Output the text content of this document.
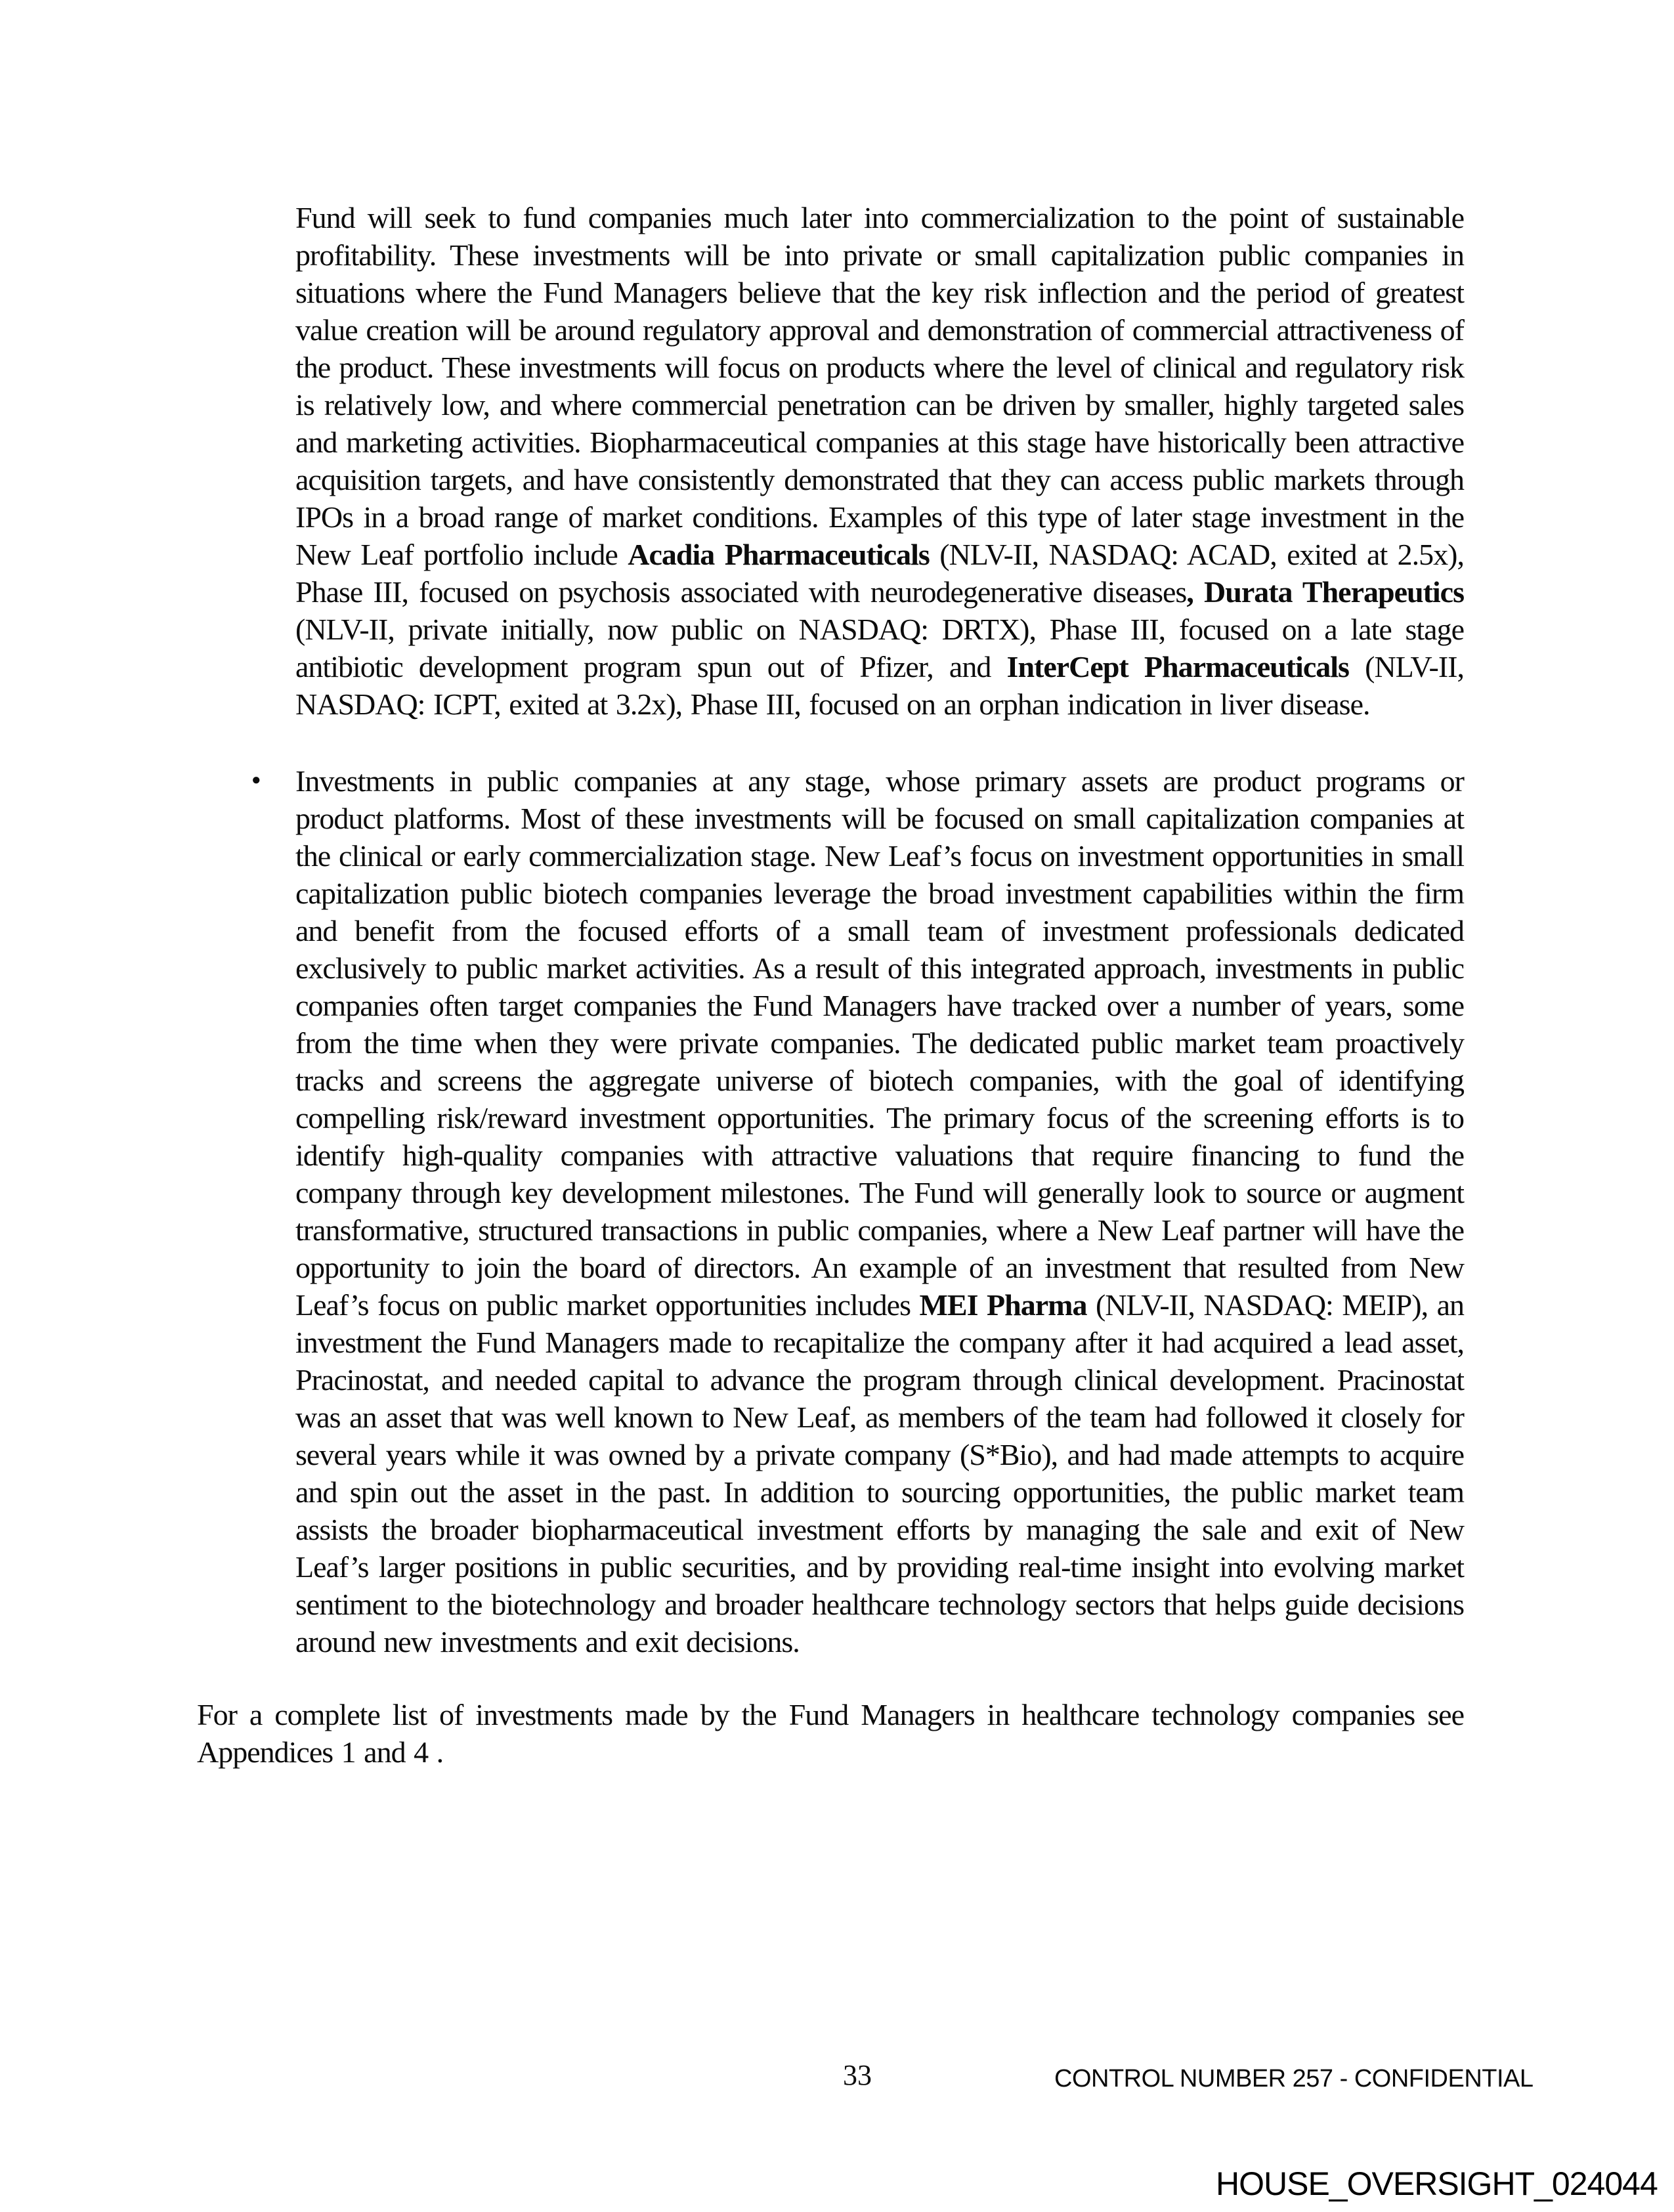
Fund will seek to fund companies much later into commercialization to the point of sustainable profitability. These investments will be into private or small capitalization public companies in situations where the Fund Managers believe that the key risk inflection and the period of greatest value creation will be around regulatory approval and demonstration of commercial attractiveness of the product. These investments will focus on products where the level of clinical and regulatory risk is relatively low, and where commercial penetration can be driven by smaller, highly targeted sales and marketing activities. Biopharmaceutical companies at this stage have historically been attractive acquisition targets, and have consistently demonstrated that they can access public markets through IPOs in a broad range of market conditions. Examples of this type of later stage investment in the New Leaf portfolio include Acadia Pharmaceuticals (NLV-II, NASDAQ: ACAD, exited at 2.5x), Phase III, focused on psychosis associated with neurodegenerative diseases, Durata Therapeutics (NLV-II, private initially, now public on NASDAQ: DRTX), Phase III, focused on a late stage antibiotic development program spun out of Pfizer, and InterCept Pharmaceuticals (NLV-II, NASDAQ: ICPT, exited at 3.2x), Phase III, focused on an orphan indication in liver disease.

● Investments in public companies at any stage, whose primary assets are product programs or product platforms. Most of these investments will be focused on small capitalization companies at the clinical or early commercialization stage. New Leaf’s focus on investment opportunities in small capitalization public biotech companies leverage the broad investment capabilities within the firm and benefit from the focused efforts of a small team of investment professionals dedicated exclusively to public market activities. As a result of this integrated approach, investments in public companies often target companies the Fund Managers have tracked over a number of years, some from the time when they were private companies. The dedicated public market team proactively tracks and screens the aggregate universe of biotech companies, with the goal of identifying compelling risk/reward investment opportunities. The primary focus of the screening efforts is to identify high-quality companies with attractive valuations that require financing to fund the company through key development milestones. The Fund will generally look to source or augment transformative, structured transactions in public companies, where a New Leaf partner will have the opportunity to join the board of directors. An example of an investment that resulted from New Leaf’s focus on public market opportunities includes MEI Pharma (NLV-II, NASDAQ: MEIP), an investment the Fund Managers made to recapitalize the company after it had acquired a lead asset, Pracinostat, and needed capital to advance the program through clinical development. Pracinostat was an asset that was well known to New Leaf, as members of the team had followed it closely for several years while it was owned by a private company (S*Bio), and had made attempts to acquire and spin out the asset in the past. In addition to sourcing opportunities, the public market team assists the broader biopharmaceutical investment efforts by managing the sale and exit of New Leaf’s larger positions in public securities, and by providing real-time insight into evolving market sentiment to the biotechnology and broader healthcare technology sectors that helps guide decisions around new investments and exit decisions.

For a complete list of investments made by the Fund Managers in healthcare technology companies see Appendices 1 and 4 .

33	CONTROL NUMBER 257 - CONFIDENTIAL
HOUSE_OVERSIGHT_024044
